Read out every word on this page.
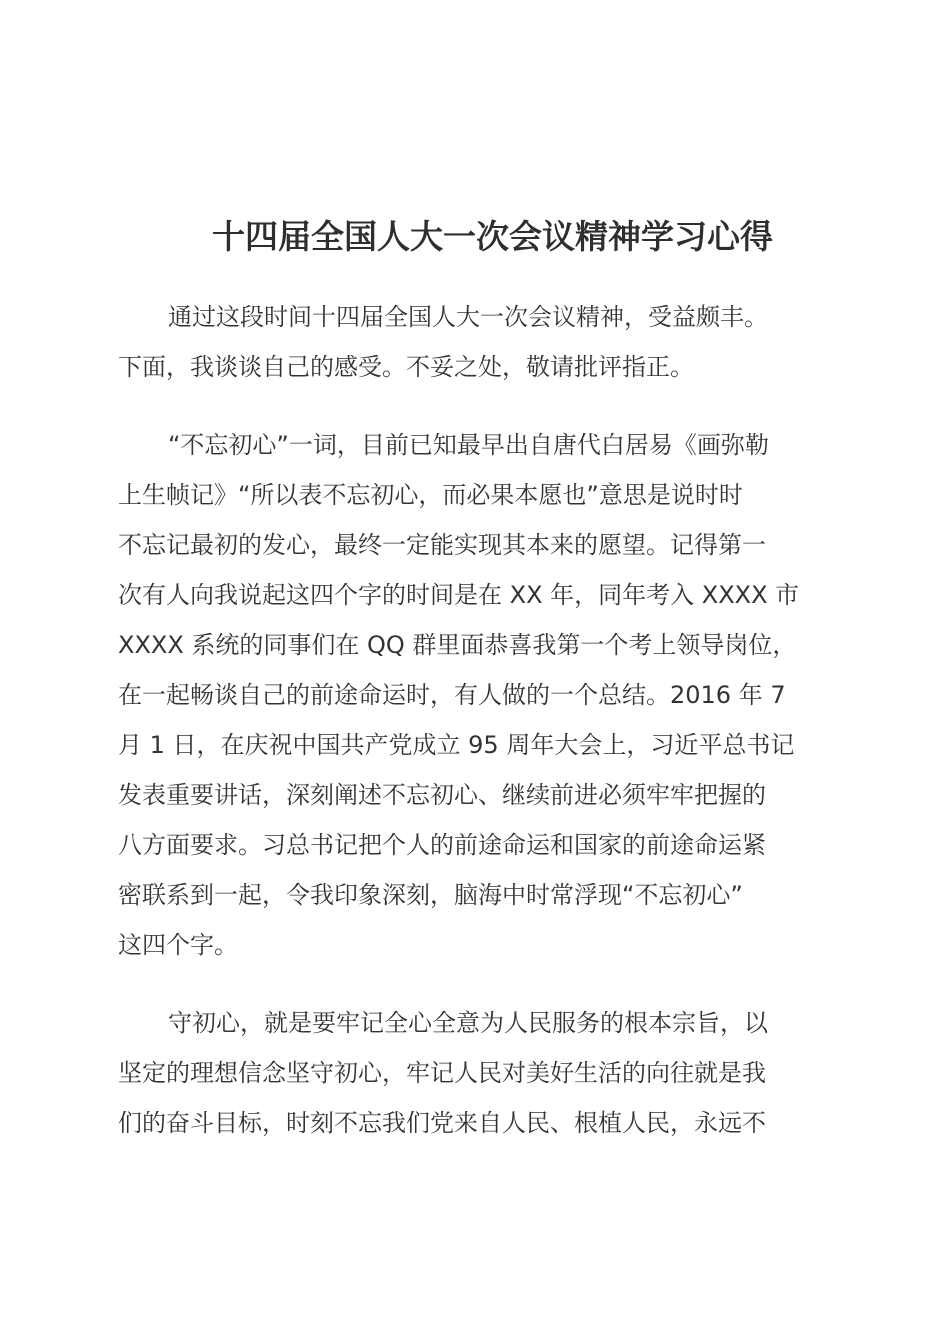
十四届全国人大一次会议精神学习心得
通过这段时间十四届全国人大一次会议精神，受益颇丰。
下面，我谈谈自己的感受。不妥之处，敬请批评指正。
“不忘初心”一词，目前已知最早出自唐代白居易《画弥勒
上生帧记》“所以表不忘初心，而必果本愿也”意思是说时时
不忘记最初的发心，最终一定能实现其本来的愿望。记得第一
次有人向我说起这四个字的时间是在 XX 年，同年考入 XXXX 市
XXXX 系统的同事们在 QQ 群里面恭喜我第一个考上领导岗位，
在一起畅谈自己的前途命运时，有人做的一个总结。2016 年 7
月 1 日，在庆祝中国共产党成立 95 周年大会上，习近平总书记
发表重要讲话，深刻阐述不忘初心、继续前进必须牢牢把握的
八方面要求。习总书记把个人的前途命运和国家的前途命运紧
密联系到一起，令我印象深刻，脑海中时常浮现“不忘初心”
这四个字。
守初心，就是要牢记全心全意为人民服务的根本宗旨，以
坚定的理想信念坚守初心，牢记人民对美好生活的向往就是我
们的奋斗目标，时刻不忘我们党来自人民、根植人民，永远不
